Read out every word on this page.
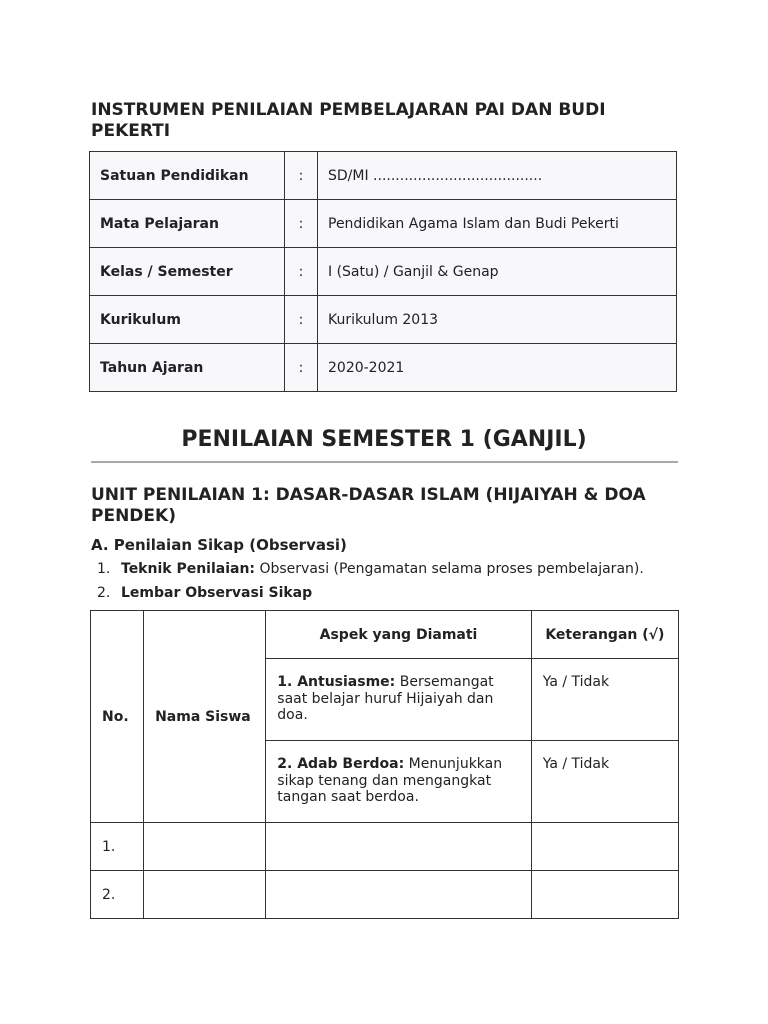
INSTRUMEN PENILAIAN PEMBELAJARAN PAI DAN BUDI PEKERTI
Satuan Pendidikan	:	SD/MI ......................................
Mata Pelajaran	:	Pendidikan Agama Islam dan Budi Pekerti
Kelas / Semester	:	I (Satu) / Ganjil & Genap
Kurikulum	:	Kurikulum 2013
Tahun Ajaran	:	2020-2021
PENILAIAN SEMESTER 1 (GANJIL)
UNIT PENILAIAN 1: DASAR-DASAR ISLAM (HIJAIYAH & DOA PENDEK)
A. Penilaian Sikap (Observasi)
1. Teknik Penilaian: Observasi (Pengamatan selama proses pembelajaran).
2. Lembar Observasi Sikap
No.	Nama Siswa	Aspek yang Diamati	Keterangan (√)
		1. Antusiasme: Bersemangat saat belajar huruf Hijaiyah dan doa.	Ya / Tidak
		2. Adab Berdoa: Menunjukkan sikap tenang dan mengangkat tangan saat berdoa.	Ya / Tidak
1.			
2.			
